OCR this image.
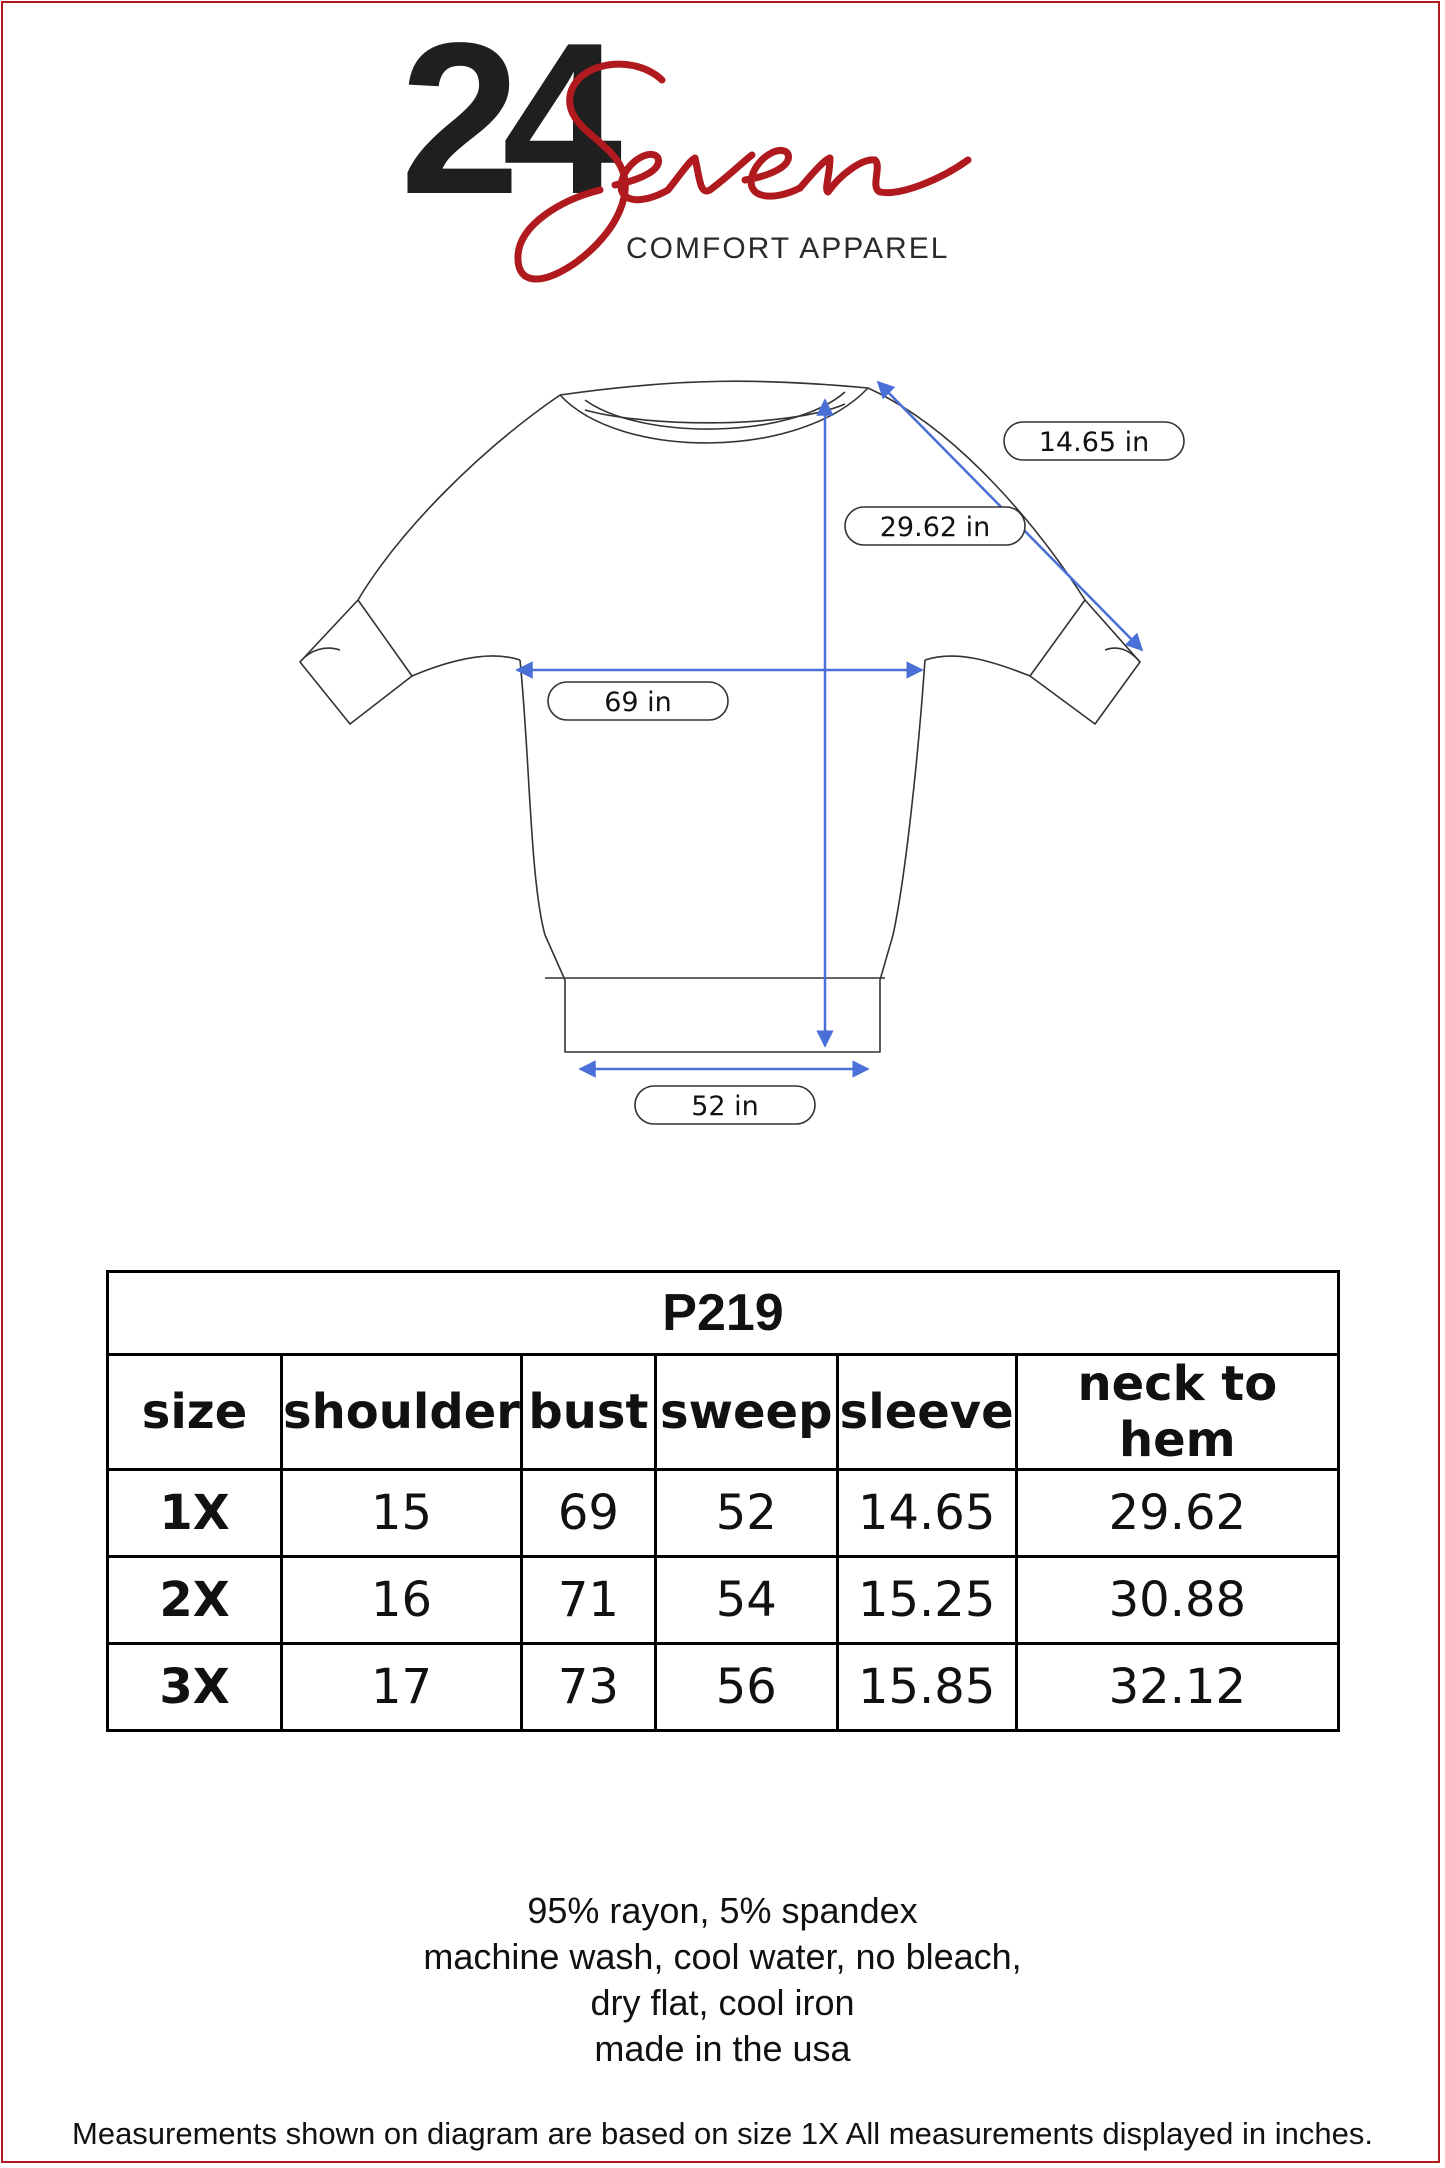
24
COMFORT APPAREL
14.65 in
29.62 in
69 in
52 in
P219					
size	shoulder	bust	sweep	sleeve	neck to hem
1X	15	69	52	14.65	29.62
2X	16	71	54	15.25	30.88
3X	17	73	56	15.85	32.12
95% rayon, 5% spandex
machine wash, cool water, no bleach,
dry flat, cool iron
made in the usa
Measurements shown on diagram are based on size 1X All measurements displayed in inches.
